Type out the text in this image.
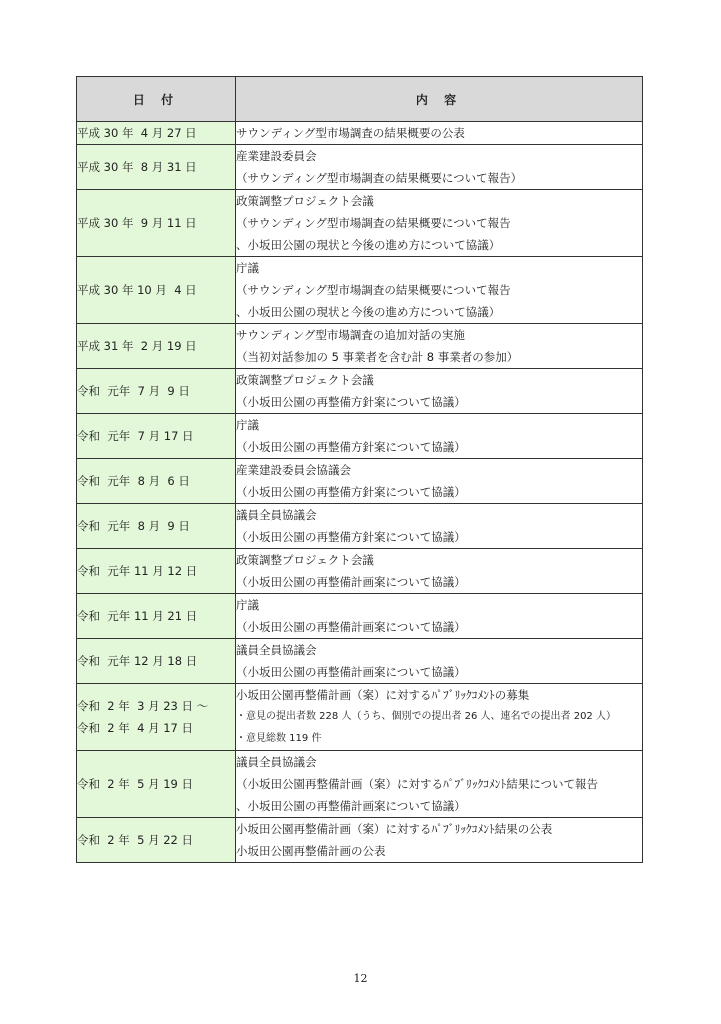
日 付	内 容
平成 30 年  4 月 27 日	サウンディング型市場調査の結果概要の公表

平成 30 年  8 月 31 日	産業建設委員会
（サウンディング型市場調査の結果概要について報告）

平成 30 年  9 月 11 日	政策調整プロジェクト会議
（サウンディング型市場調査の結果概要について報告
、小坂田公園の現状と今後の進め方について協議）

平成 30 年 10 月  4 日	庁議
（サウンディング型市場調査の結果概要について報告
、小坂田公園の現状と今後の進め方について協議）

平成 31 年  2 月 19 日	サウンディング型市場調査の追加対話の実施
（当初対話参加の 5 事業者を含む計 8 事業者の参加）

令和  元年  7 月  9 日	政策調整プロジェクト会議
（小坂田公園の再整備方針案について協議）

令和  元年  7 月 17 日	庁議
（小坂田公園の再整備方針案について協議）

令和  元年  8 月  6 日	産業建設委員会協議会
（小坂田公園の再整備方針案について協議）

令和  元年  8 月  9 日	議員全員協議会
（小坂田公園の再整備方針案について協議）

令和  元年 11 月 12 日	政策調整プロジェクト会議
（小坂田公園の再整備計画案について協議）

令和  元年 11 月 21 日	庁議
（小坂田公園の再整備計画案について協議）

令和  元年 12 月 18 日	議員全員協議会
（小坂田公園の再整備計画案について協議）

令和  2 年  3 月 23 日 ～
令和  2 年  4 月 17 日	小坂田公園再整備計画（案）に対するﾊﾟﾌﾞﾘｯｸｺﾒﾝﾄの募集
・意見の提出者数 228 人（うち、個別での提出者 26 人、連名での提出者 202 人）
・意見総数 119 件

令和  2 年  5 月 19 日	議員全員協議会
（小坂田公園再整備計画（案）に対するﾊﾟﾌﾞﾘｯｸｺﾒﾝﾄ結果について報告
、小坂田公園の再整備計画案について協議）

令和  2 年  5 月 22 日	小坂田公園再整備計画（案）に対するﾊﾟﾌﾞﾘｯｸｺﾒﾝﾄ結果の公表
小坂田公園再整備計画の公表
12
